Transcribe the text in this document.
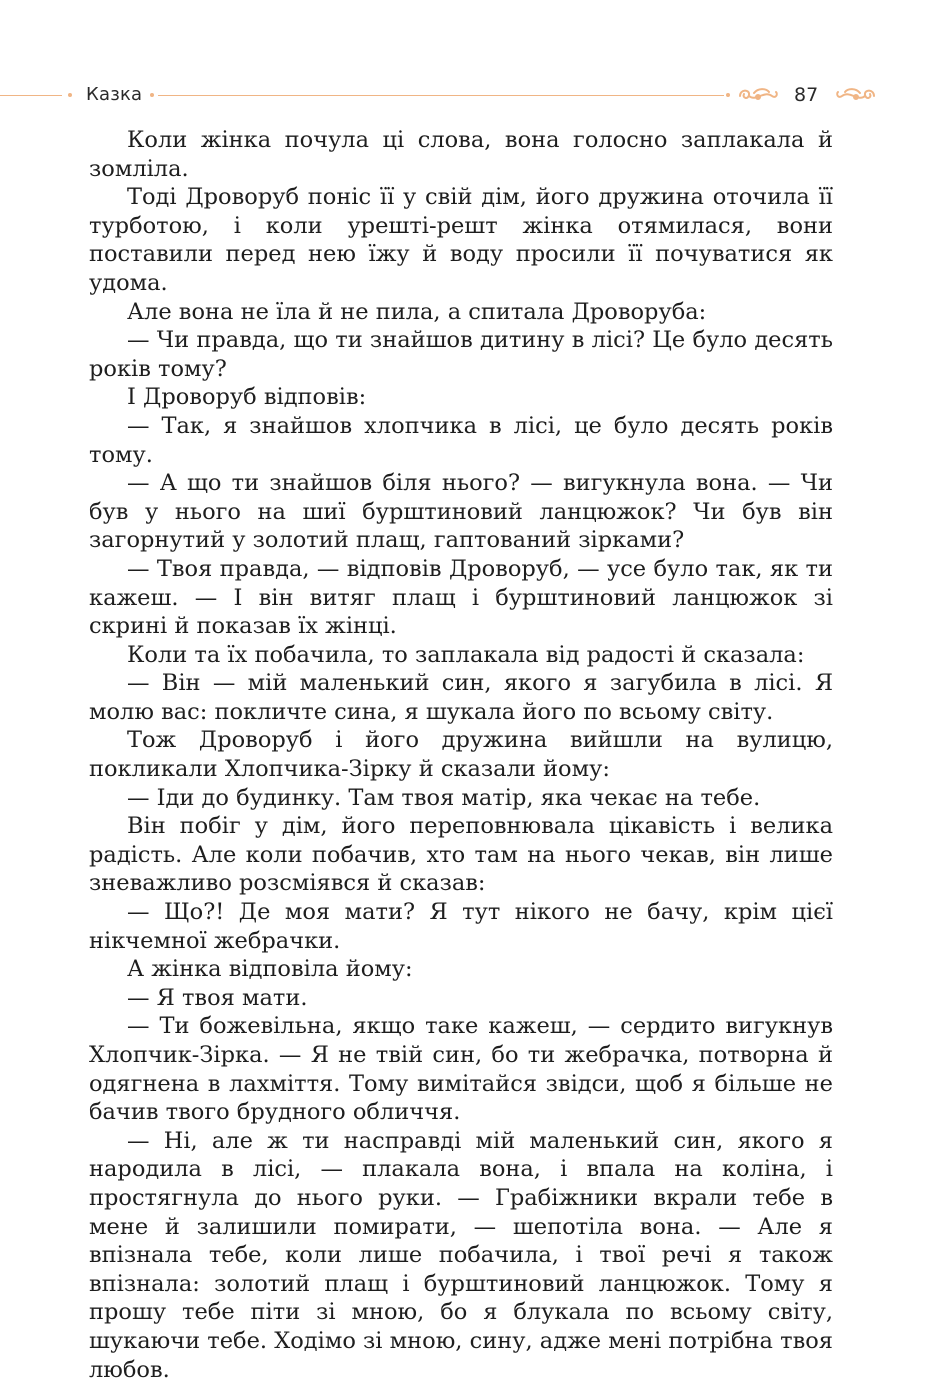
Казка	87

Коли жінка почула ці слова, вона голосно заплакала й зомліла.

Тоді Дроворуб поніс її у свій дім, його дружина оточила її турботою, і коли урешті-решт жінка отямилася, вони поставили перед нею їжу й воду просили її почуватися як удома.

Але вона не їла й не пила, а спитала Дроворуба:

— Чи правда, що ти знайшов дитину в лісі? Це було десять років тому?

І Дроворуб відповів:

— Так, я знайшов хлопчика в лісі, це було десять років тому.

— А що ти знайшов біля нього? — вигукнула вона. — Чи був у нього на шиї бурштиновий ланцюжок? Чи був він загорнутий у золотий плащ, гаптований зірками?

— Твоя правда, — відповів Дроворуб, — усе було так, як ти кажеш. — І він витяг плащ і бурштиновий ланцюжок зі скрині й показав їх жінці.

Коли та їх побачила, то заплакала від радості й сказала:

— Він — мій маленький син, якого я загубила в лісі. Я молю вас: покличте сина, я шукала його по всьому світу.

Тож Дроворуб і його дружина вийшли на вулицю, покликали Хлопчика-Зірку й сказали йому:

— Іди до будинку. Там твоя матір, яка чекає на тебе.

Він побіг у дім, його переповнювала цікавість і велика радість. Але коли побачив, хто там на нього чекав, він лише зневажливо розсміявся й сказав:

— Що?! Де моя мати? Я тут нікого не бачу, крім цієї нікчемної жебрачки.

А жінка відповіла йому:

— Я твоя мати.

— Ти божевільна, якщо таке кажеш, — сердито вигукнув Хлопчик-Зірка. — Я не твій син, бо ти жебрачка, потворна й одягнена в лахміття. Тому вимітайся звідси, щоб я більше не бачив твого брудного обличчя.

— Ні, але ж ти насправді мій маленький син, якого я народила в лісі, — плакала вона, і впала на коліна, і простягнула до нього руки. — Грабіжники вкрали тебе в мене й залишили помирати, — шепотіла вона. — Але я впізнала тебе, коли лише побачила, і твої речі я також впізнала: золотий плащ і бурштиновий ланцюжок. Тому я прошу тебе піти зі мною, бо я блукала по всьому світу, шукаючи тебе. Ходімо зі мною, сину, адже мені потрібна твоя любов.
